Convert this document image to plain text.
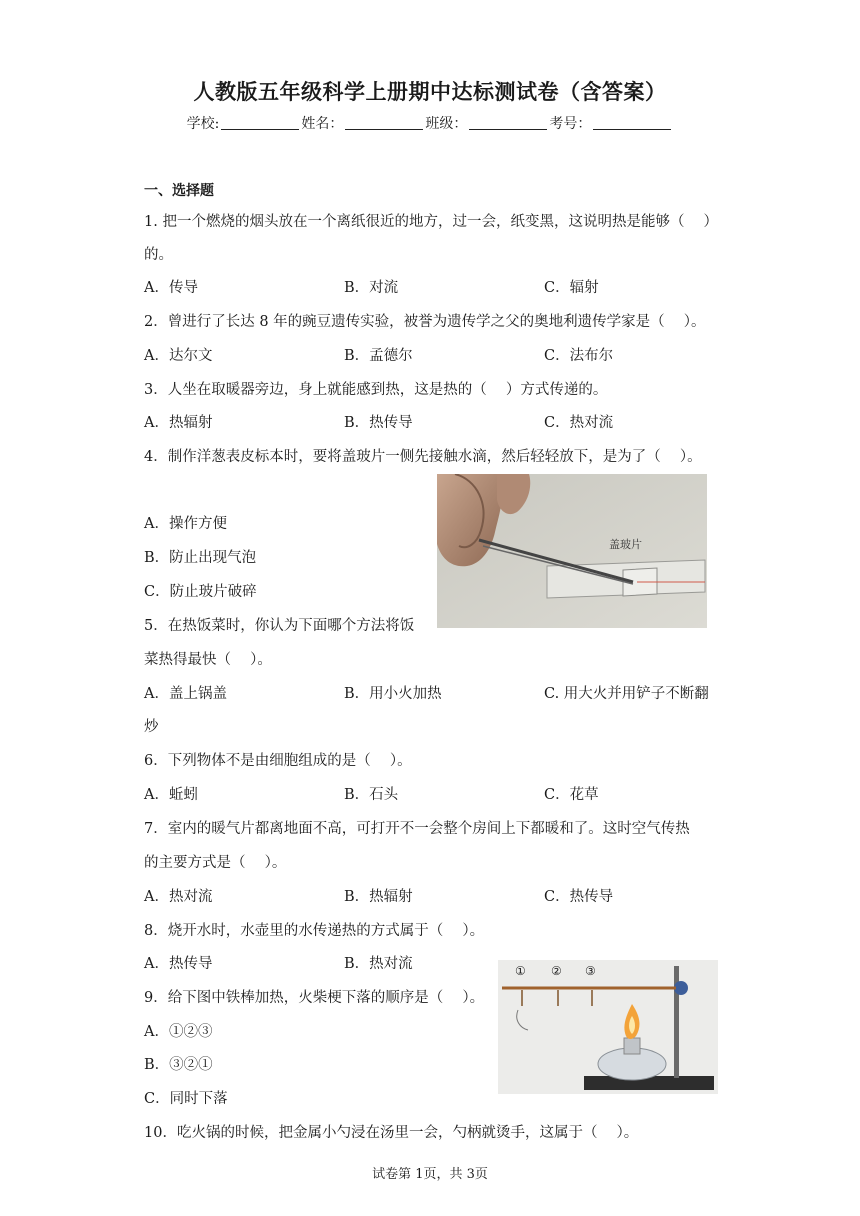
人教版五年级科学上册期中达标测试卷（含答案）
学校:	姓名：	班级：	考号：
一、选择题
1. 把一个燃烧的烟头放在一个离纸很近的地方，过一会，纸变黑，这说明热是能够（　 ）
的。
A．传导	B．对流	C．辐射
2．曾进行了长达 8 年的豌豆遗传实验，被誉为遗传学之父的奥地利遗传学家是（　 ）。
A．达尔文	B．孟德尔	C．法布尔
3．人坐在取暖器旁边，身上就能感到热，这是热的（　 ）方式传递的。
A．热辐射	B．热传导	C．热对流
4．制作洋葱表皮标本时，要将盖玻片一侧先接触水滴，然后轻轻放下，是为了（　 ）。
A．操作方便
B．防止出现气泡
C．防止玻片破碎
盖玻片
5．在热饭菜时，你认为下面哪个方法将饭
菜热得最快（　 ）。
A．盖上锅盖	B．用小火加热	C. 用大火并用铲子不断翻
炒
6．下列物体不是由细胞组成的是（　 ）。
A．蚯蚓	B．石头	C．花草
7．室内的暖气片都离地面不高，可打开不一会整个房间上下都暖和了。这时空气传热
的主要方式是（　 ）。
A．热对流	B．热辐射	C．热传导
8．烧开水时，水壶里的水传递热的方式属于（　 ）。
A．热传导	B．热对流
9．给下图中铁棒加热，火柴梗下落的顺序是（　 ）。
A．①②③
B．③②①
C．同时下落
① ② ③
10．吃火锅的时候，把金属小勺浸在汤里一会，勺柄就烫手，这属于（　 ）。
试卷第 1页，共 3页
